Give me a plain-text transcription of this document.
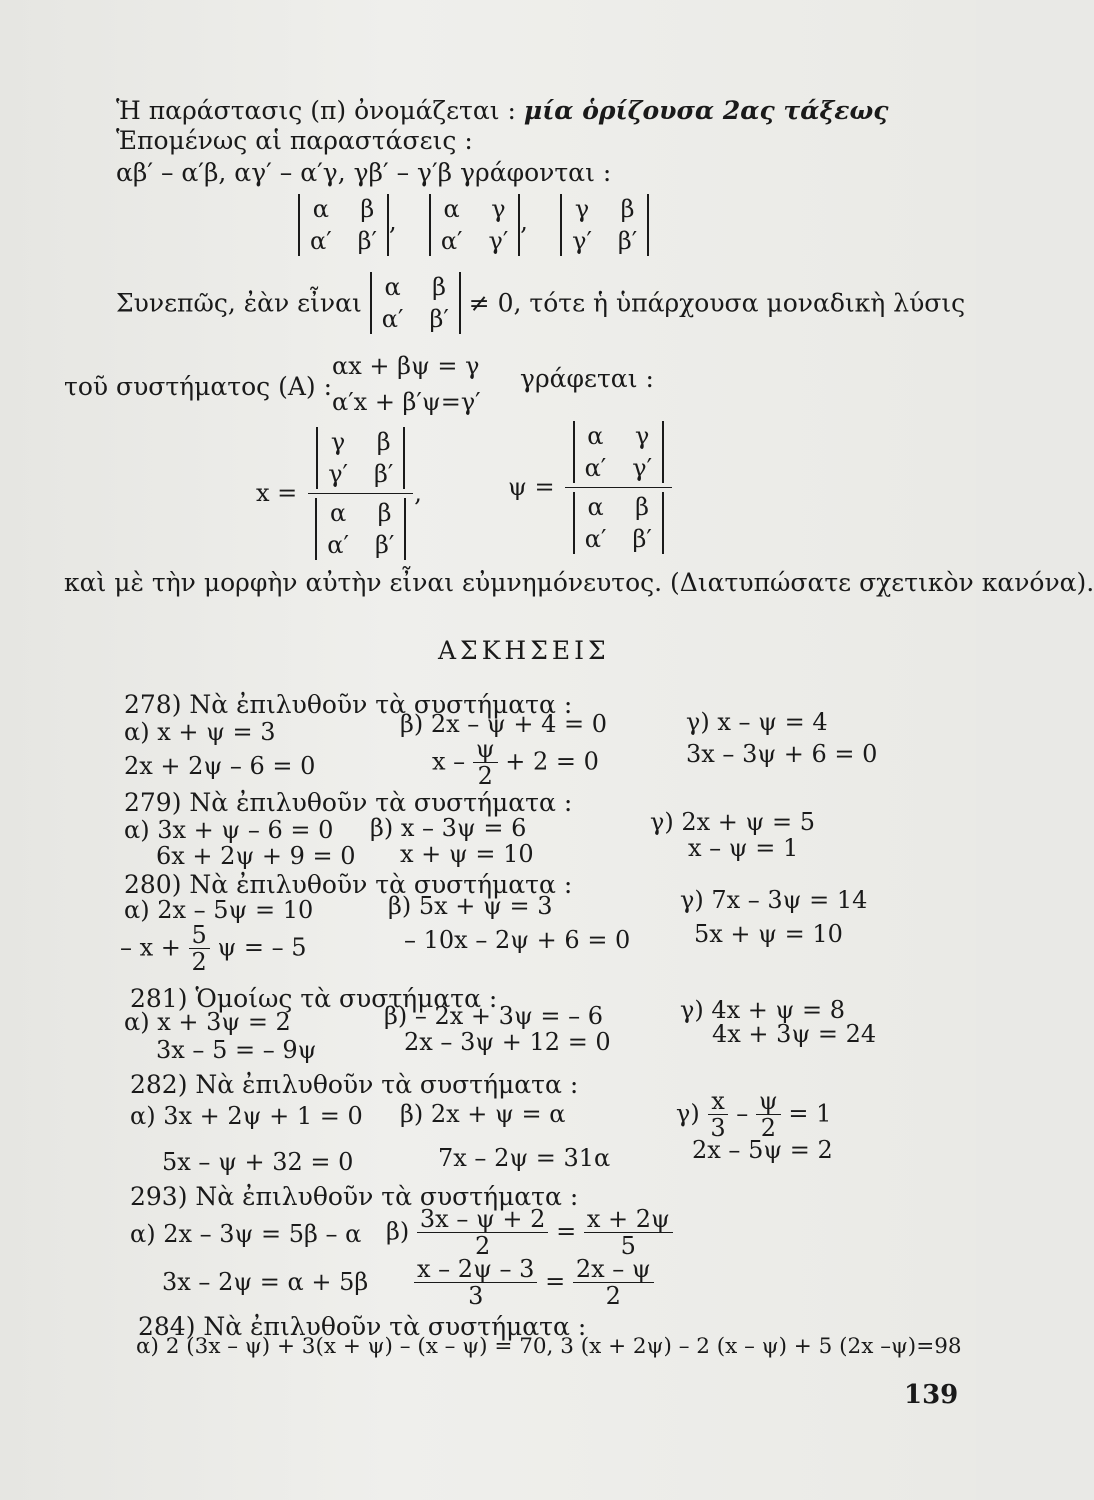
Ἡ παράστασις (π) ὀνομάζεται : μία ὁρίζουσα 2ας τάξεως
Ἑπομένως αἱ παραστάσεις :
αβ′ – α′β, αγ′ – α′γ, γβ′ – γ′β γράφονται :
α β
α′ β′
, α γ
α′ γ′
, γ β
γ′ β′
Συνεπῶς, ἐὰν εἶναι
α β
α′ β′
≠ 0, τότε ἡ ὑπάρχουσα μοναδικὴ λύσις
τοῦ συστήματος (Α) :
αx + βψ = γ
α′x + β′ψ=γ′
γράφεται :
x = γ β
γ′ β′
α β
α′ β′ ,	ψ = α γ
α′ γ′
α β
α′ β′
καὶ μὲ τὴν μορφὴν αὐτὴν εἶναι εὐμνημόνευτος. (Διατυπώσατε σχετικὸν κανόνα).
ΑΣΚΗΣΕΙΣ
278) Νὰ ἐπιλυθοῦν τὰ συστήματα :
α) x + ψ = 3
2x + 2ψ – 6 = 0
β) 2x – ψ + 4 = 0
$x - \frac{\psi}{2} + 2 = 0$
γ) x – ψ = 4
3x – 3ψ + 6 = 0
279) Νὰ ἐπιλυθοῦν τὰ συστήματα :
α) 3x + ψ – 6 = 0
6x + 2ψ + 9 = 0
β) x – 3ψ = 6
x + ψ = 10
γ) 2x + ψ = 5
x – ψ = 1
280) Νὰ ἐπιλυθοῦν τὰ συστήματα :
α) 2x – 5ψ = 10
– $x + \frac{5}{2}$ ψ = – 5
β) 5x + ψ = 3
– 10x – 2ψ + 6 = 0
γ) 7x – 3ψ = 14
5x + ψ = 10
281) Ὁμοίως τὰ συστήματα :
α) x + 3ψ = 2
3x – 5 = – 9ψ
β) – 2x + 3ψ = – 6
2x – 3ψ + 12 = 0
γ) 4x + ψ = 8
4x + 3ψ = 24
282) Νὰ ἐπιλυθοῦν τὰ συστήματα :
α) 3x + 2ψ + 1 = 0
5x – ψ + 32 = 0
β) 2x + ψ = α
7x – 2ψ = 31α
$\gamma) \frac{x}{3} - \frac{\psi}{2} = 1$
2x – 5ψ = 2
293) Νὰ ἐπιλυθοῦν τὰ συστήματα :
α) 2x – 3ψ = 5β – α
3x – 2ψ = α + 5β
$\beta) \frac{3x - \psi + 2}{2} = \frac{x + 2\psi}{5}$
$\frac{x - 2\psi - 3}{3} = \frac{2x - \psi}{2}$
284) Νὰ ἐπιλυθοῦν τὰ συστήματα :
α) 2 (3x – ψ) + 3(x + ψ) – (x – ψ) = 70, 3 (x + 2ψ) – 2 (x – ψ) + 5 (2x –ψ)=98
139
